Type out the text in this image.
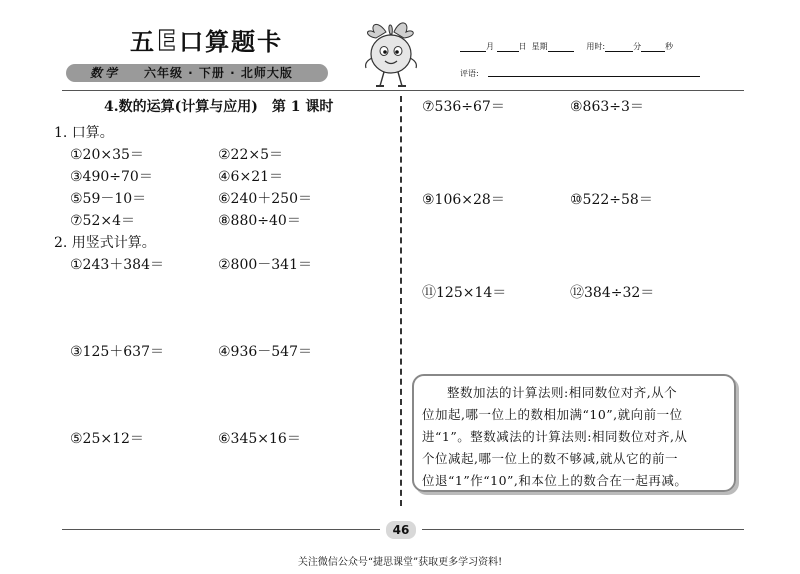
五E口算题卡
数学 六年级 · 下册 · 北师大版
月	日 星期	用时:	分	秒
评语:
4.数的运算(计算与应用)　第 1 课时
1. 口算。
①20×35＝	②22×5＝
③490÷70＝	④6×21＝
⑤59－10＝	⑥240＋250＝
⑦52×4＝	⑧880÷40＝
2. 用竖式计算。
①243＋384＝	②800－341＝
③125＋637＝	④936－547＝
⑤25×12＝	⑥345×16＝
⑦536÷67＝	⑧863÷3＝
⑨106×28＝	⑩522÷58＝
⑪125×14＝	⑫384÷32＝
整数加法的计算法则:相同数位对齐,从个
位加起,哪一位上的数相加满“10”,就向前一位
进“1”。整数减法的计算法则:相同数位对齐,从
个位减起,哪一位上的数不够减,就从它的前一
位退“1”作“10”,和本位上的数合在一起再减。
46
关注微信公众号“捷思课堂”获取更多学习资料!
